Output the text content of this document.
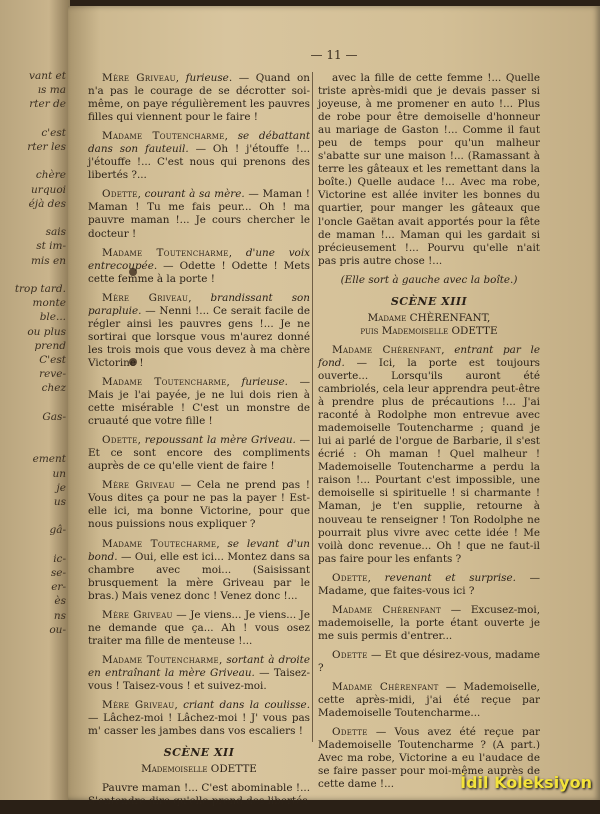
vant et
ıs ma
rter de
c'est
rter les
chère
urquoi
éjà des
sais
st im-
mis en
trop tard.
monte
ble...
ou plus
prend
C'est
reve-
chez
Gas-
ement
un
je
us
gâ-
ic-
se-
er-
ès
ns
ou-
— 11 —

Mère Griveau, furieuse. — Quand on n'a pas le courage de se décrotter soi-même, on paye régulièrement les pauvres filles qui viennent pour le faire !

Madame Toutencharme, se débattant dans son fauteuil. — Oh ! j'étouffe !... j'étouffe !... C'est nous qui prenons des libertés ?...

Odette, courant à sa mère. — Maman ! Maman ! Tu me fais peur... Oh ! ma pauvre maman !... Je cours chercher le docteur !

Madame Toutencharme, d'une voix entrecoupée. — Odette ! Odette ! Mets cette femme à la porte !

Mère Griveau, brandissant son parapluie. — Nenni !... Ce serait facile de régler ainsi les pauvres gens !... Je ne sortirai que lorsque vous m'aurez donné les trois mois que vous devez à ma chère Victorine !

Madame Toutencharme, furieuse. — Mais je l'ai payée, je ne lui dois rien à cette misérable ! C'est un monstre de cruauté que votre fille !

Odette, repoussant la mère Griveau. — Et ce sont encore des compliments auprès de ce qu'elle vient de faire !

Mère Griveau — Cela ne prend pas ! Vous dites ça pour ne pas la payer ! Est-elle ici, ma bonne Victorine, pour que nous puissions nous expliquer ?

Madame Toutecharme, se levant d'un bond. — Oui, elle est ici... Montez dans sa chambre avec moi... (Saisissant brusquement la mère Griveau par le bras.) Mais venez donc ! Venez donc !...

Mère Griveau — Je viens... Je viens... Je ne demande que ça... Ah ! vous osez traiter ma fille de menteuse !...

Madame Toutencharme, sortant à droite en entraînant la mère Griveau. — Taisez-vous ! Taisez-vous ! et suivez-moi.

Mère Griveau, criant dans la coulisse. — Lâchez-moi ! Lâchez-moi ! J' vous pas m' casser les jambes dans vos escaliers !

SCÈNE XII
Mademoiselle ODETTE

Pauvre maman !... C'est abominable !... S'entendre dire qu'elle prend des libertés

avec la fille de cette femme !... Quelle triste après-midi que je devais passer si joyeuse, à me promener en auto !... Plus de robe pour être demoiselle d'honneur au mariage de Gaston !... Comme il faut peu de temps pour qu'un malheur s'abatte sur une maison !... (Ramassant à terre les gâteaux et les remettant dans la boîte.) Quelle audace !... Avec ma robe, Victorine est allée inviter les bonnes du quartier, pour manger les gâteaux que l'oncle Gaëtan avait apportés pour la fête de maman !... Maman qui les gardait si précieusement !... Pourvu qu'elle n'ait pas pris autre chose !...

(Elle sort à gauche avec la boîte.)
SCÈNE XIII
Madame CHÈRENFANT,
puis Mademoiselle ODETTE

Madame Chèrenfant, entrant par le fond. — Ici, la porte est toujours ouverte... Lorsqu'ils auront été cambriolés, cela leur apprendra peut-être à prendre plus de précautions !... J'ai raconté à Rodolphe mon entrevue avec mademoiselle Toutencharme ; quand je lui ai parlé de l'orgue de Barbarie, il s'est écrié : Oh maman ! Quel malheur ! Mademoiselle Toutencharme a perdu la raison !... Pourtant c'est impossible, une demoiselle si spirituelle ! si charmante ! Maman, je t'en supplie, retourne à nouveau te renseigner ! Ton Rodolphe ne pourrait plus vivre avec cette idée ! Me voilà donc revenue... Oh ! que ne faut-il pas faire pour les enfants ?

Odette, revenant et surprise. — Madame, que faites-vous ici ?

Madame Chèrenfant — Excusez-moi, mademoiselle, la porte étant ouverte je me suis permis d'entrer...

Odette — Et que désirez-vous, madame ?

Madame Chèrenfant — Mademoiselle, cette après-midi, j'ai été reçue par Mademoiselle Toutencharme...

Odette — Vous avez été reçue par Mademoiselle Toutencharme ? (A part.) Avec ma robe, Victorine a eu l'audace de se faire passer pour moi-même auprès de cette dame !...	İdil Koleksiyon
